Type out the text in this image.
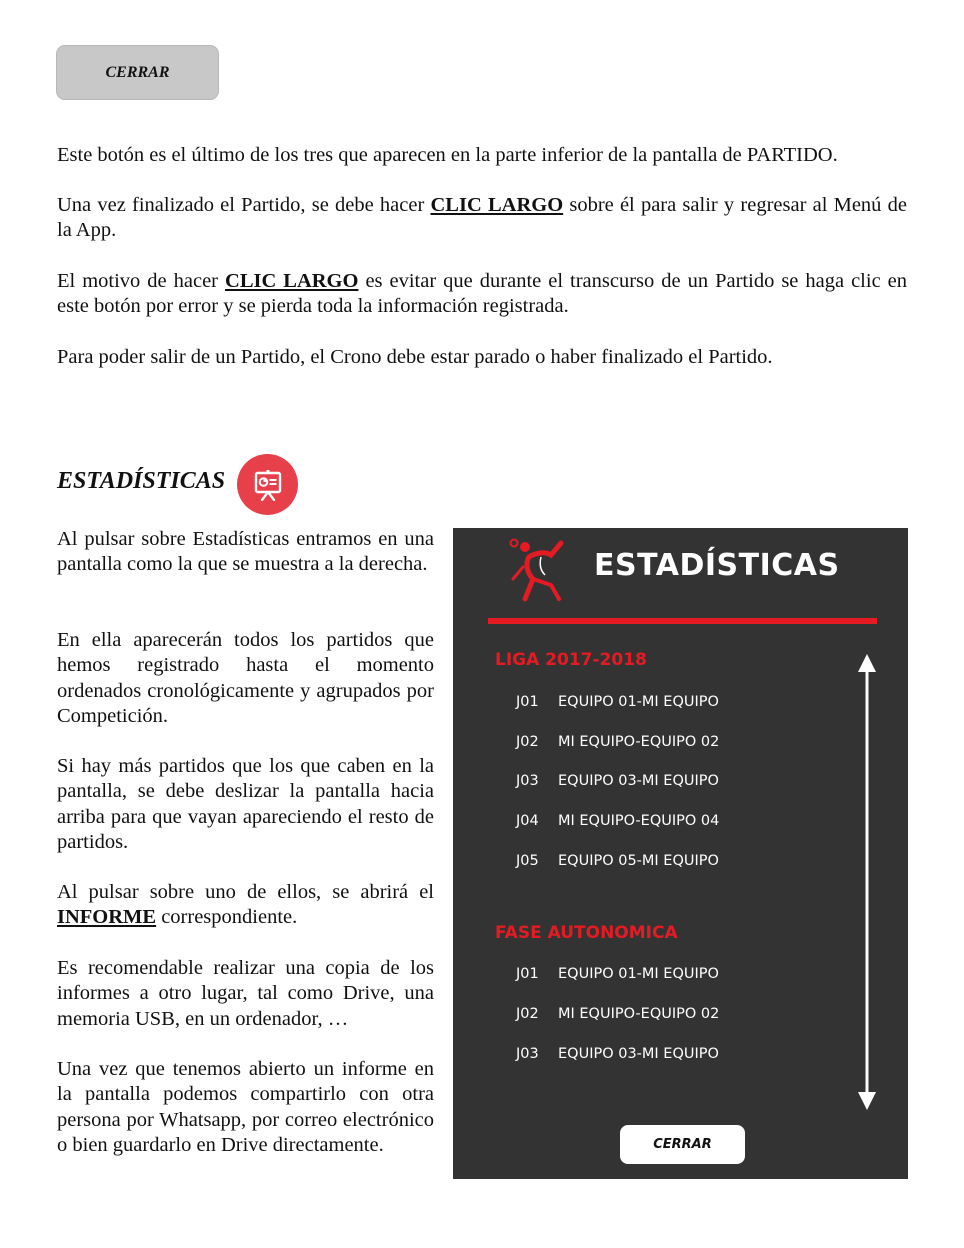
CERRAR

Este botón es el último de los tres que aparecen en la parte inferior de la pantalla de PARTIDO.

Una vez finalizado el Partido, se debe hacer CLIC LARGO sobre él para salir y regresar al Menú de la App.

El motivo de hacer CLIC LARGO es evitar que durante el transcurso de un Partido se haga clic en este botón por error y se pierda toda la información registrada.

Para poder salir de un Partido, el Crono debe estar parado o haber finalizado el Partido.

ESTADÍSTICAS

Al pulsar sobre Estadísticas entramos en una pantalla como la que se muestra a la derecha.

En ella aparecerán todos los partidos que hemos registrado hasta el momento ordenados cronológicamente y agrupados por Competición.

Si hay más partidos que los que caben en la pantalla, se debe deslizar la pantalla hacia arriba para que vayan apareciendo el resto de partidos.

Al pulsar sobre uno de ellos, se abrirá el INFORME correspondiente.

Es recomendable realizar una copia de los informes a otro lugar, tal como Drive, una memoria USB, en un ordenador, …

Una vez que tenemos abierto un informe en la pantalla podemos compartirlo con otra persona por Whatsapp, por correo electrónico o bien guardarlo en Drive directamente.

ESTADÍSTICAS
LIGA 2017-2018
J01 EQUIPO 01-MI EQUIPO
J02 MI EQUIPO-EQUIPO 02
J03 EQUIPO 03-MI EQUIPO
J04 MI EQUIPO-EQUIPO 04
J05 EQUIPO 05-MI EQUIPO
FASE AUTONOMICA
J01 EQUIPO 01-MI EQUIPO
J02 MI EQUIPO-EQUIPO 02
J03 EQUIPO 03-MI EQUIPO
CERRAR
